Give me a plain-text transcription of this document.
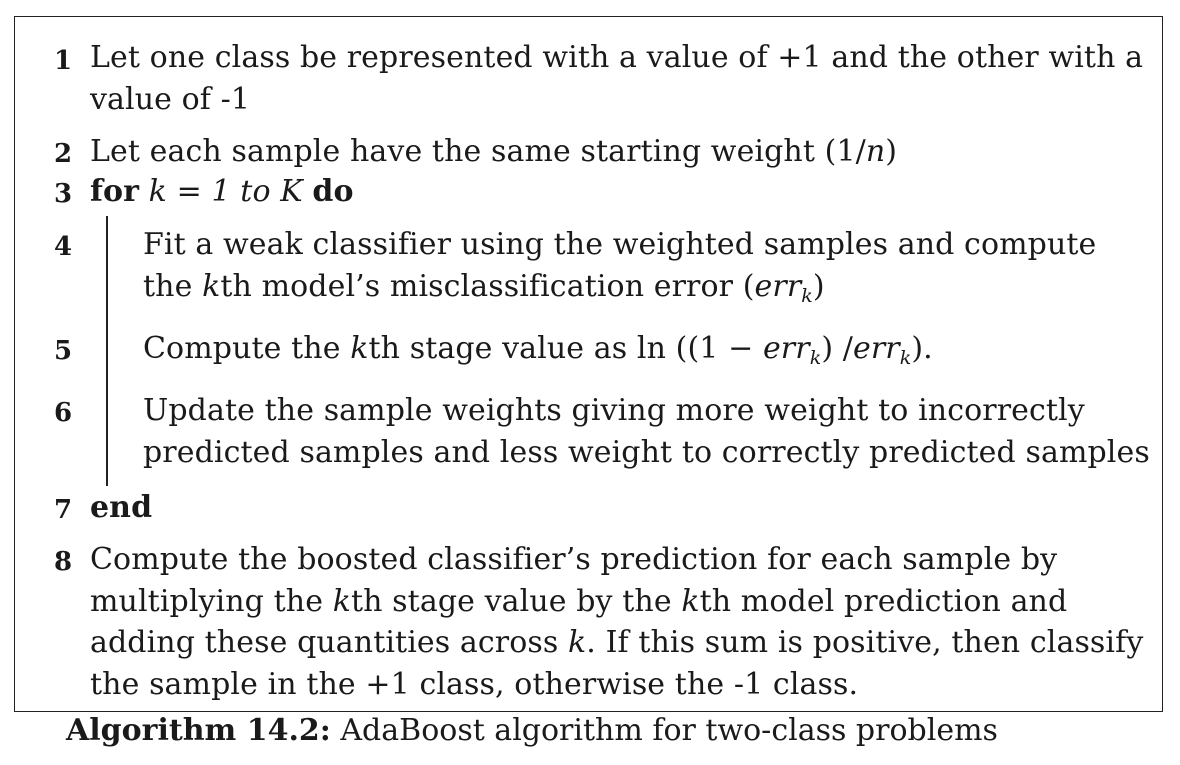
1 Let one class be represented with a value of +1 and the other with a
value of -1
2 Let each sample have the same starting weight (1/n)
3 for k = 1 to K do
4 Fit a weak classifier using the weighted samples and compute
the kth model’s misclassification error (err$_k$)
5 Compute the kth stage value as ln ((1 − err$_k$) /err$_k$).
6 Update the sample weights giving more weight to incorrectly
predicted samples and less weight to correctly predicted samples
7 end
8 Compute the boosted classifier’s prediction for each sample by
multiplying the kth stage value by the kth model prediction and
adding these quantities across k. If this sum is positive, then classify
the sample in the +1 class, otherwise the -1 class.
Algorithm 14.2: AdaBoost algorithm for two-class problems
